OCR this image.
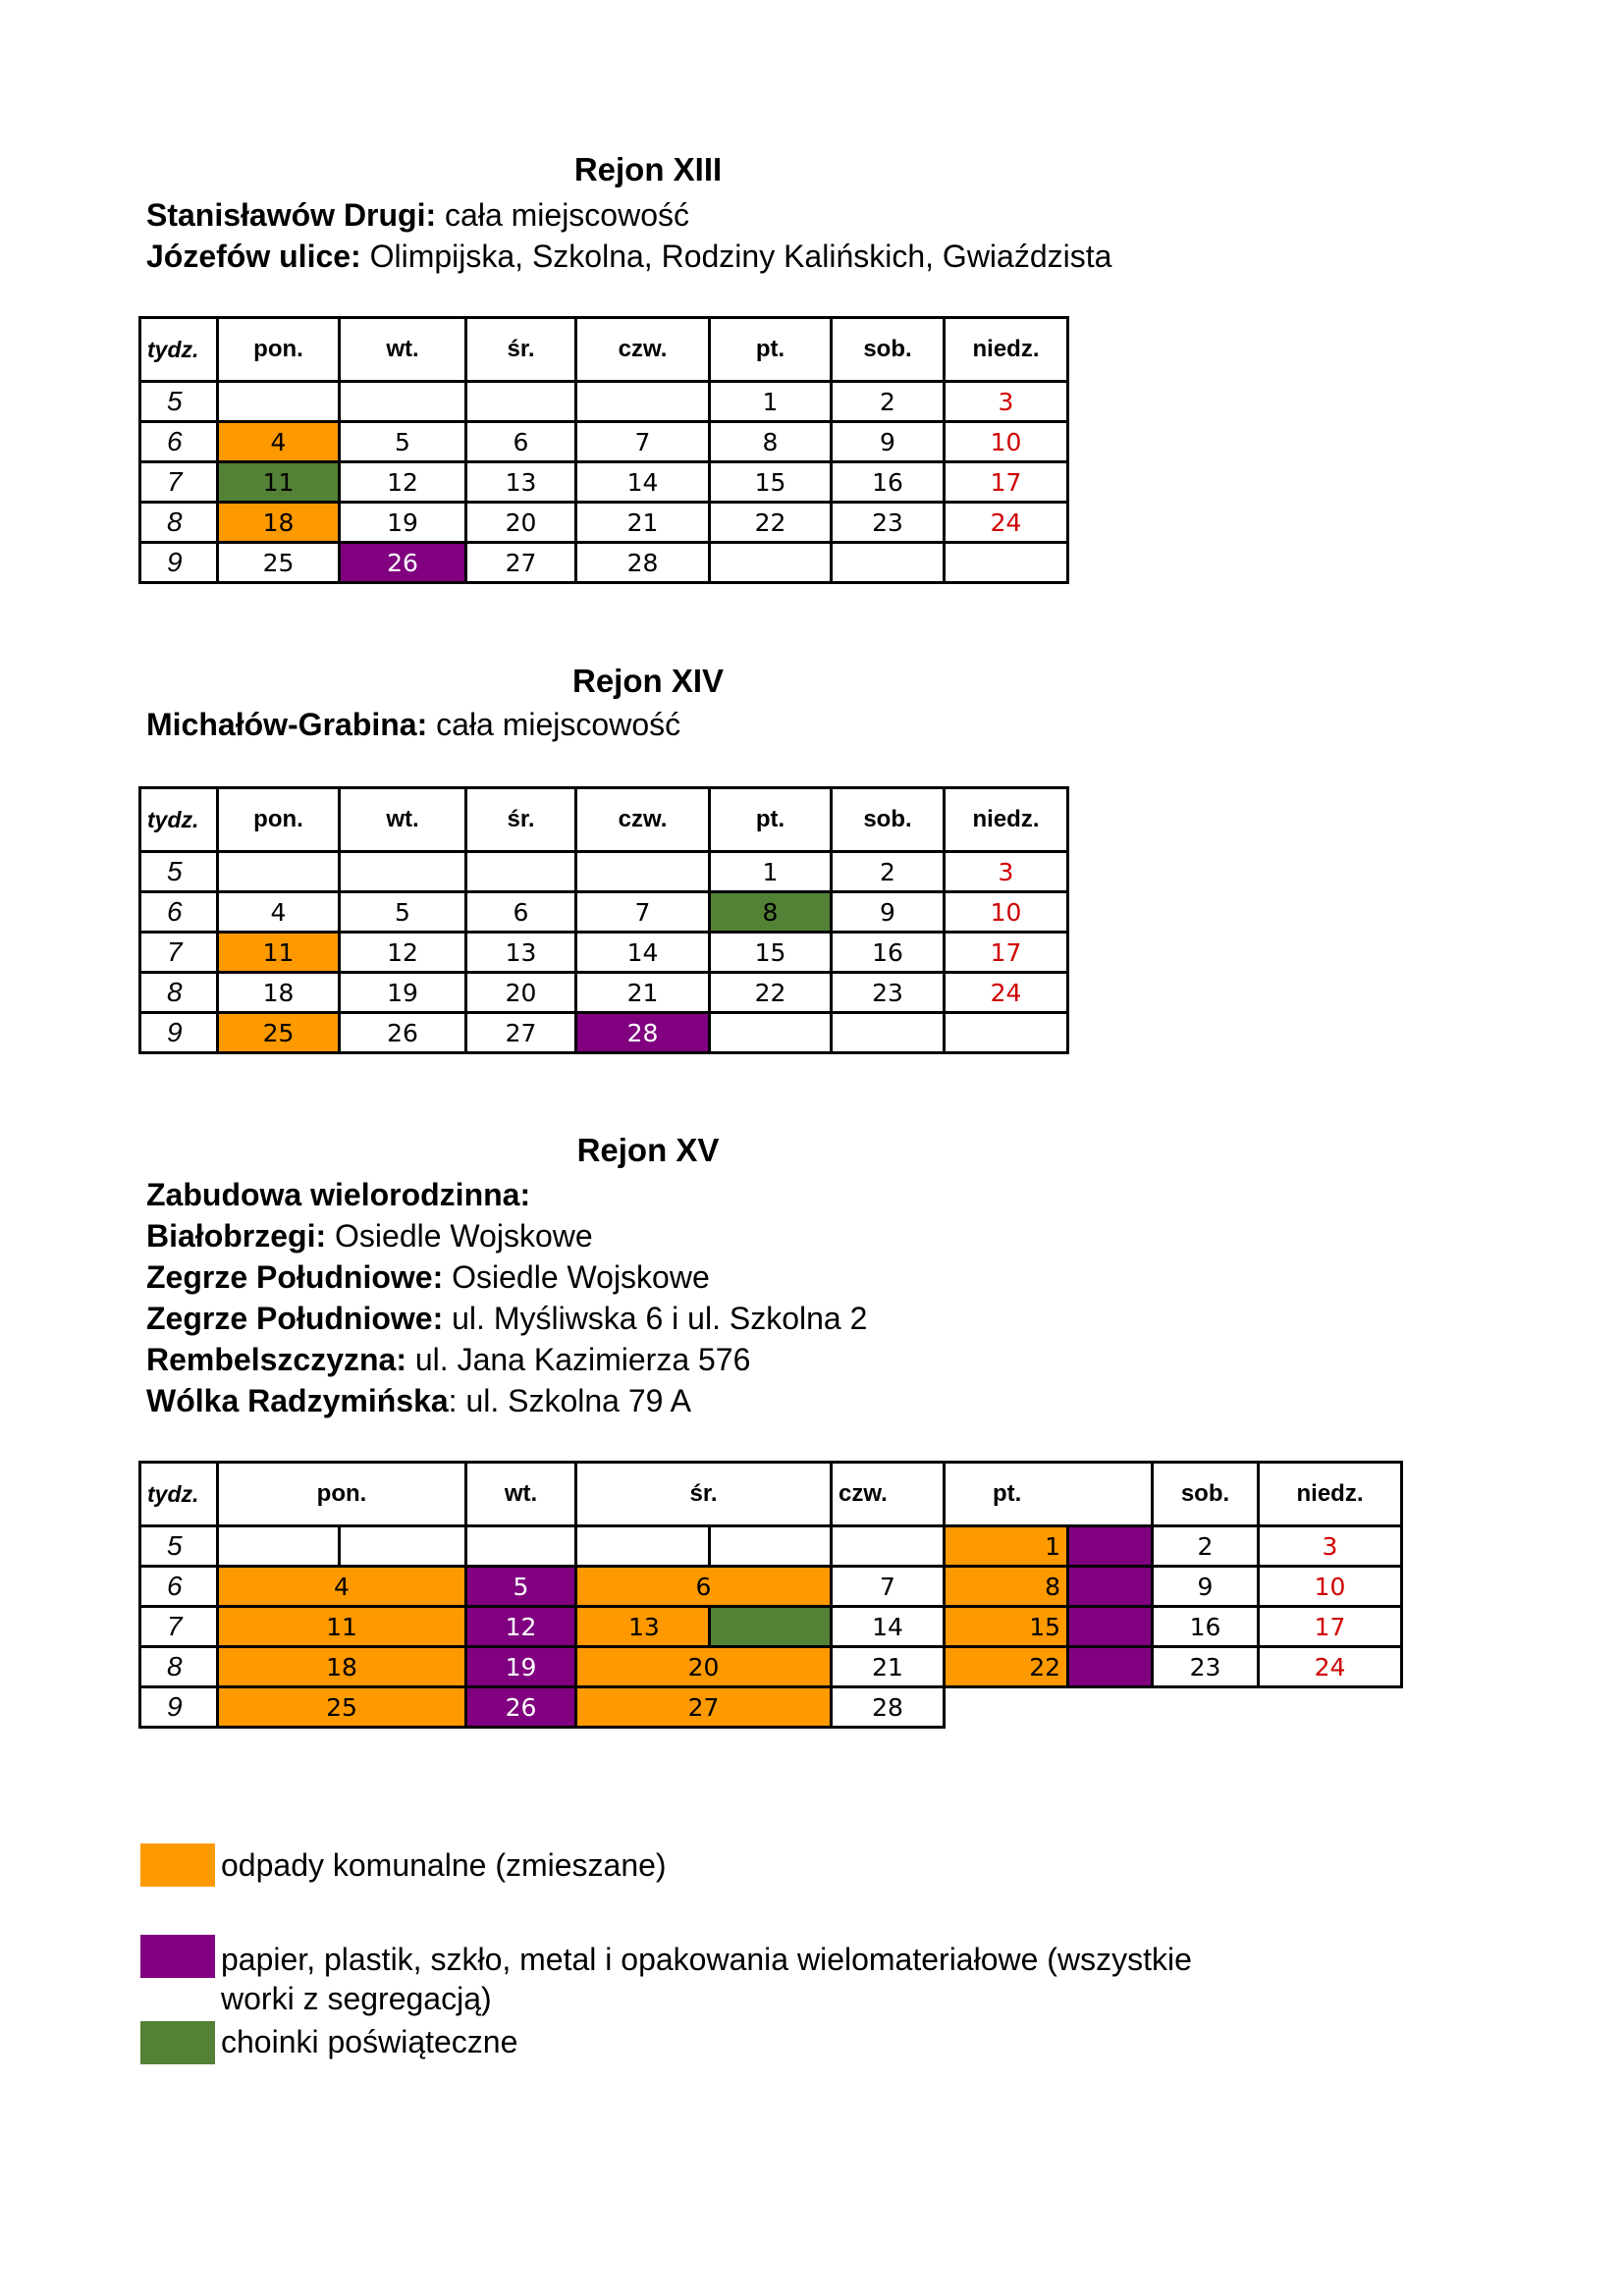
Rejon XIII
Stanisławów Drugi: cała miejscowość
Józefów ulice: Olimpijska, Szkolna, Rodziny Kalińskich, Gwiaździsta
tydz.	pon.	wt.	śr.	czw.	pt.	sob.	niedz.
5					1	2	3
6	4	5	6	7	8	9	10
7	11	12	13	14	15	16	17
8	18	19	20	21	22	23	24
9	25	26	27	28			
Rejon XIV
Michałów-Grabina: cała miejscowość
tydz.	pon.	wt.	śr.	czw.	pt.	sob.	niedz.
5					1	2	3
6	4	5	6	7	8	9	10
7	11	12	13	14	15	16	17
8	18	19	20	21	22	23	24
9	25	26	27	28			
Rejon XV
Zabudowa wielorodzinna:
Białobrzegi: Osiedle Wojskowe
Zegrze Południowe: Osiedle Wojskowe
Zegrze Południowe: ul. Myśliwska 6 i ul. Szkolna 2
Rembelszczyzna: ul. Jana Kazimierza 576
Wólka Radzymińska: ul. Szkolna 79 A
tydz.	pon.		wt.	śr.		czw.	pt.		sob.	niedz.
5							1		2	3
6	4		5	6		7	8		9	10
7	11		12	13		14	15		16	17
8	18		19	20		21	22		23	24
9	25		26	27		28				
odpady komunalne (zmieszane)
papier, plastik, szkło, metal i opakowania wielomateriałowe (wszystkie worki z segregacją)
choinki poświąteczne
